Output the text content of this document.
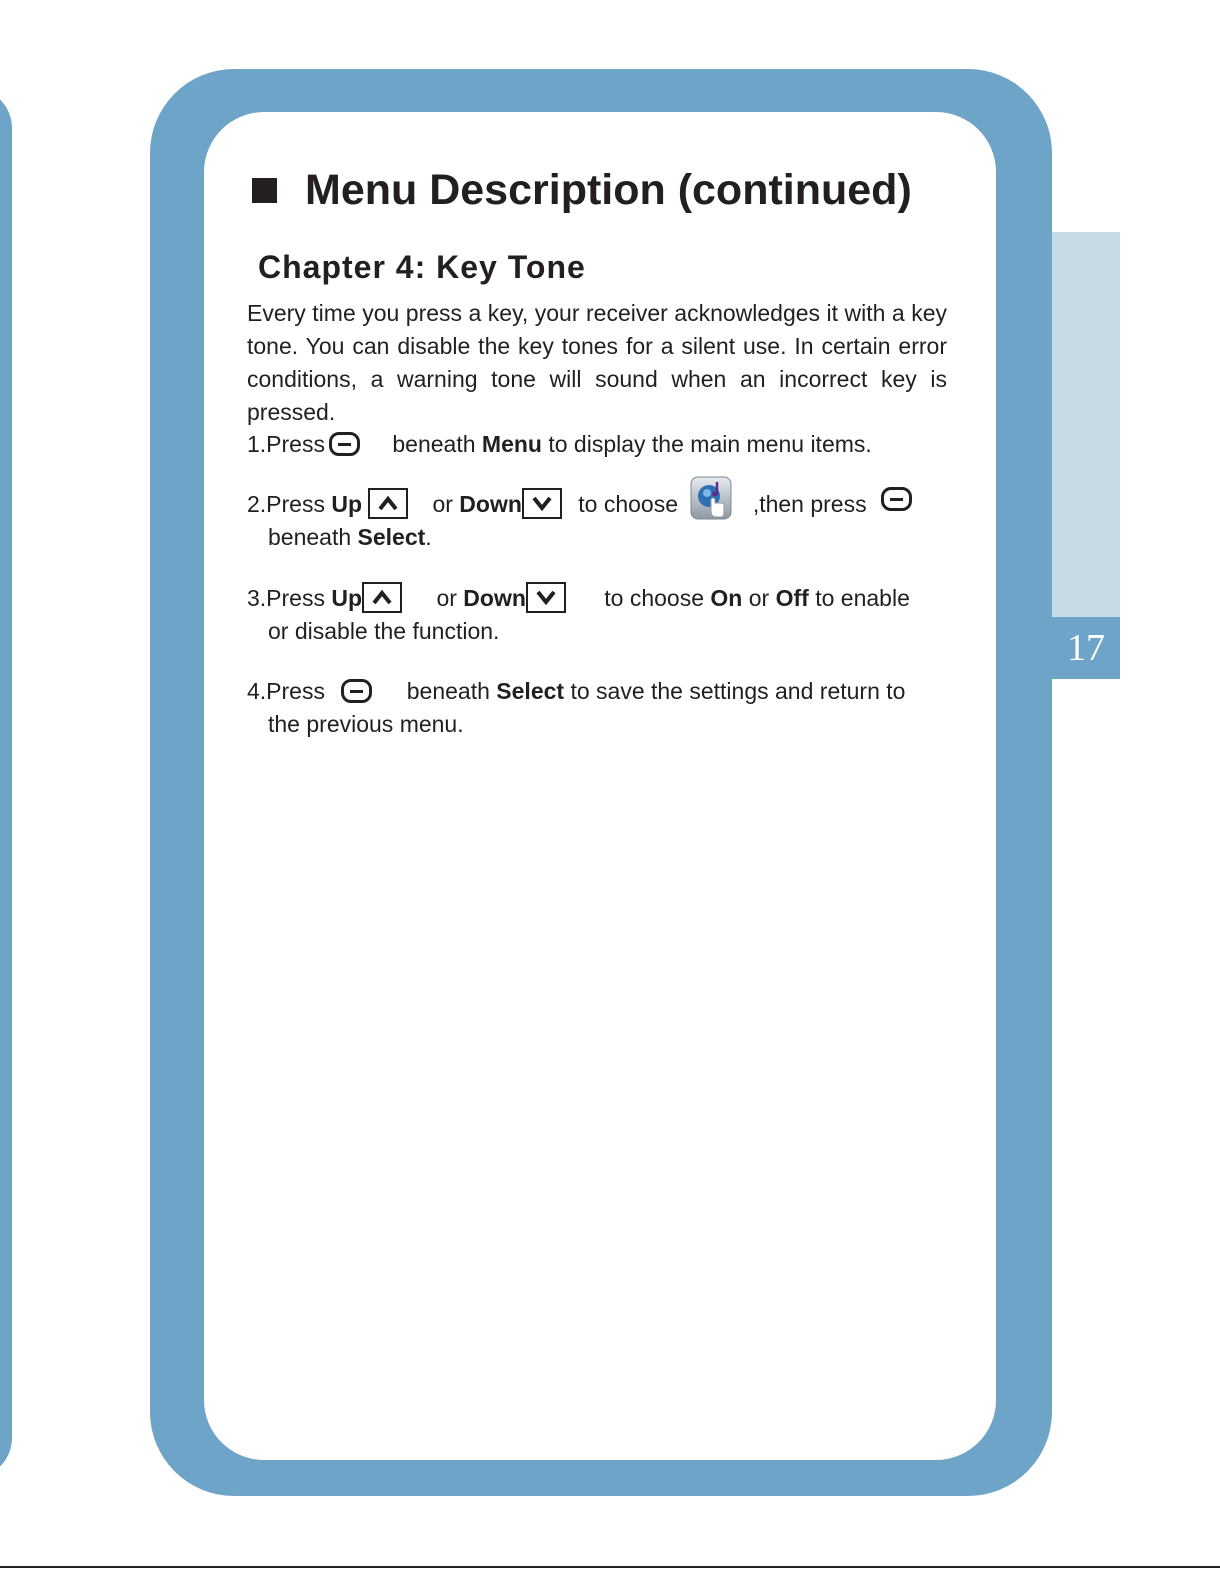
17
Menu Description (continued)
Chapter 4: Key Tone

Every time you press a key, your receiver acknowledges it with a key tone. You can disable the key tones for a silent use. In certain error conditions, a warning tone will sound when an incorrect key is pressed.

1.Press	beneath Menu to display the main menu items.

2.Press Up	or Down to choose	,then press

beneath Select.

3.Press Up	or Down	to choose On or Off to enable

or disable the function.

4.Press	beneath Select to save the settings and return to

the previous menu.
